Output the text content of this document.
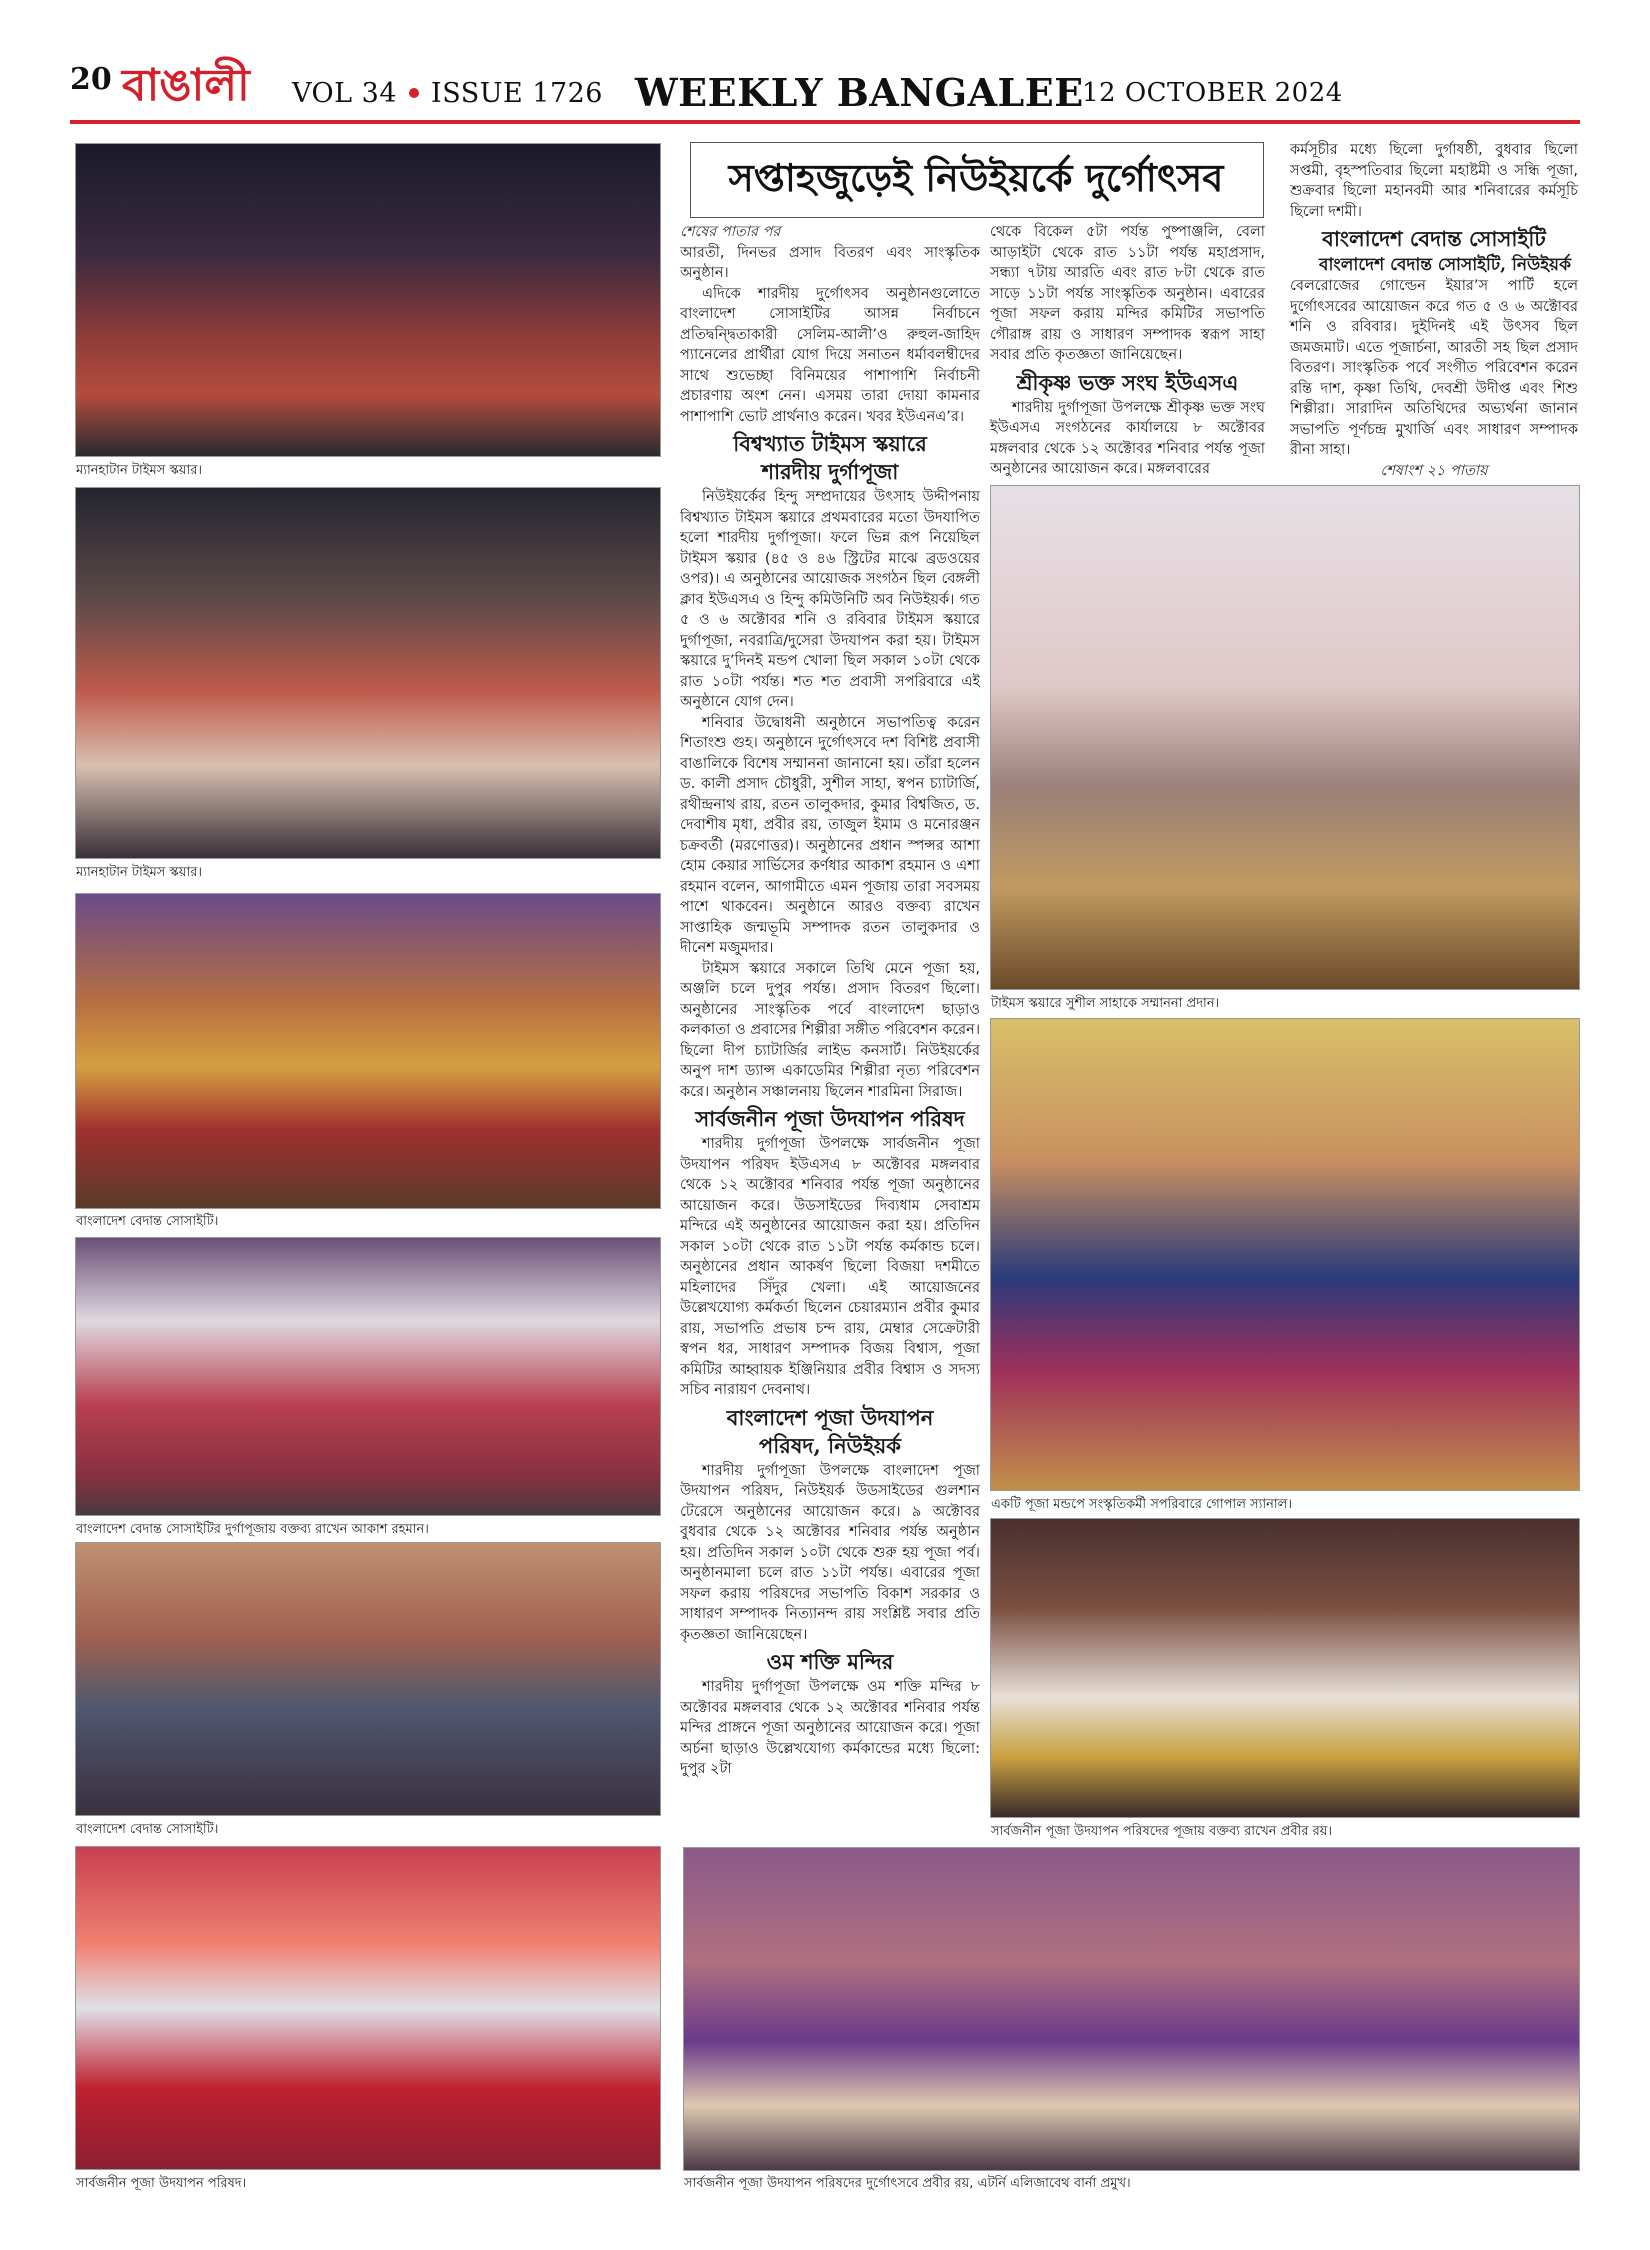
20 বাঙালী VOL 34 ISSUE 1726 WEEKLY BANGALEE
12 OCTOBER 2024
ম্যানহাটান টাইমস স্কয়ার।
ম্যানহাটান টাইমস স্কয়ার।
বাংলাদেশ বেদান্ত সোসাইটি।
বাংলাদেশ বেদান্ত সোসাইটির দুর্গাপূজায় বক্তব্য রাখেন আকাশ রহমান।
বাংলাদেশ বেদান্ত সোসাইটি।
সার্বজনীন পূজা উদযাপন পরিষদ।
টাইমস স্কয়ারে সুশীল সাহাকে সম্মাননা প্রদান।
একটি পূজা মন্ডপে সংস্কৃতিকর্মী সপরিবারে গোপাল স্যানাল।
সার্বজনীন পূজা উদযাপন পরিষদের পূজায় বক্তব্য রাখেন প্রবীর রয়।
সার্বজনীন পূজা উদযাপন পরিষদের দুর্গোৎসবে প্রবীর রয়, এটর্নি এলিজাবেথ বার্না প্রমুখ।
সপ্তাহজুড়েই নিউইয়র্কে দুর্গোৎসব

শেষের পাতার পর

আরতী, দিনভর প্রসাদ বিতরণ এবং সাংস্কৃতিক অনুষ্ঠান।

এদিকে শারদীয় দুর্গোৎসব অনুষ্ঠানগুলোতে বাংলাদেশ সোসাইটির আসন্ন নির্বাচনে প্রতিদ্বন্দ্বিতাকারী সেলিম-আলী’ও রুহুল-জাহিদ প্যানেলের প্রার্থীরা যোগ দিয়ে সনাতন ধর্মাবলম্বীদের সাথে শুভেচ্ছা বিনিময়ের পাশাপাশি নির্বাচনী প্রচারণায় অংশ নেন। এসময় তারা দোয়া কামনার পাশাপাশি ভোট প্রার্থনাও করেন। খবর ইউএনএ’র।

বিশ্বখ্যাত টাইমস স্কয়ারে

শারদীয় দুর্গাপূজা

নিউইয়র্কের হিন্দু সম্প্রদায়ের উৎসাহ উদ্দীপনায় বিশ্বখ্যাত টাইমস স্কয়ারে প্রথমবারের মতো উদযাপিত হলো শারদীয় দুর্গাপূজা। ফলে ভিন্ন রূপ নিয়েছিল টাইমস স্কয়ার (৪৫ ও ৪৬ স্ট্রিটের মাঝে ব্রডওয়ের ওপর)। এ অনুষ্ঠানের আয়োজক সংগঠন ছিল বেঙ্গলী ক্লাব ইউএসএ ও হিন্দু কমিউনিটি অব নিউইয়র্ক। গত ৫ ও ৬ অক্টোবর শনি ও রবিবার টাইমস স্কয়ারে দুর্গাপূজা, নবরাত্রি/দুসেরা উদযাপন করা হয়। টাইমস স্কয়ারে দু’দিনই মন্ডপ খোলা ছিল সকাল ১০টা থেকে রাত ১০টা পর্যন্ত। শত শত প্রবাসী সপরিবারে এই অনুষ্ঠানে যোগ দেন।

শনিবার উদ্বোধনী অনুষ্ঠানে সভাপতিত্ব করেন শিতাংশু গুহ। অনুষ্ঠানে দুর্গোৎসবে দশ বিশিষ্ট প্রবাসী বাঙালিকে বিশেষ সম্মাননা জানানো হয়। তাঁরা হলেন ড. কালী প্রসাদ চৌধুরী, সুশীল সাহা, স্বপন চ্যাটার্জি, রথীন্দ্রনাথ রায়, রতন তালুকদার, কুমার বিশ্বজিত, ড. দেবাশীষ মৃধা, প্রবীর রয়, তাজুল ইমাম ও মনোরঞ্জন চক্রবর্তী (মরণোত্তর)। অনুষ্ঠানের প্রধান স্পন্সর আশা হোম কেয়ার সার্ভিসের কর্ণধার আকাশ রহমান ও এশা রহমান বলেন, আগামীতে এমন পূজায় তারা সবসময় পাশে থাকবেন। অনুষ্ঠানে আরও বক্তব্য রাখেন সাপ্তাহিক জন্মভূমি সম্পাদক রতন তালুকদার ও দীনেশ মজুমদার।

টাইমস স্কয়ারে সকালে তিথি মেনে পূজা হয়, অঞ্জলি চলে দুপুর পর্যন্ত। প্রসাদ বিতরণ ছিলো। অনুষ্ঠানের সাংস্কৃতিক পর্বে বাংলাদেশ ছাড়াও কলকাতা ও প্রবাসের শিল্পীরা সঙ্গীত পরিবেশন করেন। ছিলো দীপ চ্যাটার্জির লাইভ কনসার্ট। নিউইয়র্কের অনুপ দাশ ড্যান্স একাডেমির শিল্পীরা নৃত্য পরিবেশন করে। অনুষ্ঠান সঞ্চালনায় ছিলেন শারমিনা সিরাজ।

সার্বজনীন পূজা উদযাপন পরিষদ

শারদীয় দুর্গাপূজা উপলক্ষে সার্বজনীন পূজা উদযাপন পরিষদ ইউএসএ ৮ অক্টোবর মঙ্গলবার থেকে ১২ অক্টোবর শনিবার পর্যন্ত পূজা অনুষ্ঠানের আয়োজন করে। উডসাইডের দিব্যধাম সেবাশ্রম মন্দিরে এই অনুষ্ঠানের আয়োজন করা হয়। প্রতিদিন সকাল ১০টা থেকে রাত ১১টা পর্যন্ত কর্মকান্ড চলে। অনুষ্ঠানের প্রধান আকর্ষণ ছিলো বিজয়া দশমীতে মহিলাদের সিঁদুর খেলা। এই আয়োজনের উল্লেখযোগ্য কর্মকর্তা ছিলেন চেয়ারম্যান প্রবীর কুমার রায়, সভাপতি প্রভাষ চন্দ রায়, মেম্বার সেক্রেটারী স্বপন ধর, সাধারণ সম্পাদক বিজয় বিশ্বাস, পূজা কমিটির আহ্বায়ক ইঞ্জিনিয়ার প্রবীর বিশ্বাস ও সদস্য সচিব নারায়ণ দেবনাথ।

বাংলাদেশ পূজা উদযাপন

পরিষদ, নিউইয়র্ক

শারদীয় দুর্গাপূজা উপলক্ষে বাংলাদেশ পূজা উদযাপন পরিষদ, নিউইয়র্ক উডসাইডের গুলশান টেরেসে অনুষ্ঠানের আয়োজন করে। ৯ অক্টোবর বুধবার থেকে ১২ অক্টোবর শনিবার পর্যন্ত অনুষ্ঠান হয়। প্রতিদিন সকাল ১০টা থেকে শুরু হয় পূজা পর্ব। অনুষ্ঠানমালা চলে রাত ১১টা পর্যন্ত। এবারের পূজা সফল করায় পরিষদের সভাপতি বিকাশ সরকার ও সাধারণ সম্পাদক নিত্যানন্দ রায় সংশ্লিষ্ট সবার প্রতি কৃতজ্ঞতা জানিয়েছেন।

ওম শক্তি মন্দির

শারদীয় দুর্গাপূজা উপলক্ষে ওম শক্তি মন্দির ৮ অক্টোবর মঙ্গলবার থেকে ১২ অক্টোবর শনিবার পর্যন্ত মন্দির প্রাঙ্গনে পূজা অনুষ্ঠানের আয়োজন করে। পূজা অর্চনা ছাড়াও উল্লেখযোগ্য কর্মকান্ডের মধ্যে ছিলো: দুপুর ২টা

থেকে বিকেল ৫টা পর্যন্ত পুষ্পাঞ্জলি, বেলা আড়াইটা থেকে রাত ১১টা পর্যন্ত মহাপ্রসাদ, সন্ধ্যা ৭টায় আরতি এবং রাত ৮টা থেকে রাত সাড়ে ১১টা পর্যন্ত সাংস্কৃতিক অনুষ্ঠান। এবারের পূজা সফল করায় মন্দির কমিটির সভাপতি গৌরাঙ্গ রায় ও সাধারণ সম্পাদক স্বরূপ সাহা সবার প্রতি কৃতজ্ঞতা জানিয়েছেন।

শ্রীকৃষ্ণ ভক্ত সংঘ ইউএসএ

শারদীয় দুর্গাপূজা উপলক্ষে শ্রীকৃষ্ণ ভক্ত সংঘ ইউএসএ সংগঠনের কার্যালয়ে ৮ অক্টোবর মঙ্গলবার থেকে ১২ অক্টোবর শনিবার পর্যন্ত পূজা অনুষ্ঠানের আয়োজন করে। মঙ্গলবারের

কর্মসূচীর মধ্যে ছিলো দুর্গাষষ্ঠী, বুধবার ছিলো সপ্তমী, বৃহস্পতিবার ছিলো মহাষ্টমী ও সন্ধি পূজা, শুক্রবার ছিলো মহানবমী আর শনিবারের কর্মসূচি ছিলো দশমী।

বাংলাদেশ বেদান্ত সোসাইটি

বাংলাদেশ বেদান্ত সোসাইটি, নিউইয়র্ক

বেলরোজের গোল্ডেন ইয়ার’স পার্টি হলে দুর্গোৎসবের আয়োজন করে গত ৫ ও ৬ অক্টোবর শনি ও রবিবার। দুইদিনই এই উৎসব ছিল জমজমাট। এতে পূজার্চনা, আরতী সহ ছিল প্রসাদ বিতরণ। সাংস্কৃতিক পর্বে সংগীত পরিবেশন করেন রন্তি দাশ, কৃষ্ণা তিথি, দেবশ্রী উদীপ্ত এবং শিশু শিল্পীরা। সারাদিন অতিথিদের অভ্যর্থনা জানান সভাপতি পূর্ণচন্দ্র মুখার্জি এবং সাধারণ সম্পাদক রীনা সাহা।

শেষাংশ ২১ পাতায়
